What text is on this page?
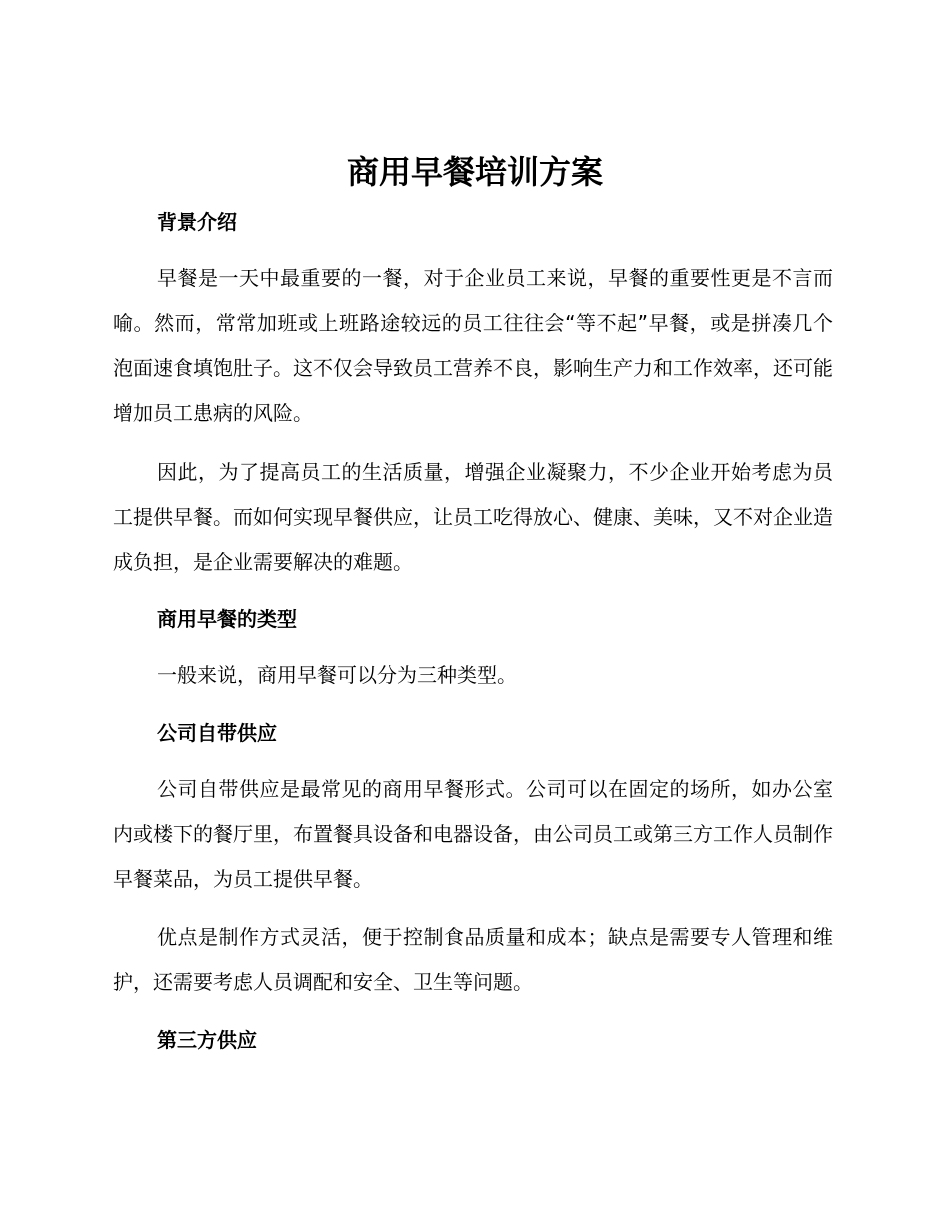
商用早餐培训方案
背景介绍

早餐是一天中最重要的一餐，对于企业员工来说，早餐的重要性更是不言而喻。然而，常常加班或上班路途较远的员工往往会“等不起”早餐，或是拼凑几个泡面速食填饱肚子。这不仅会导致员工营养不良，影响生产力和工作效率，还可能增加员工患病的风险。

因此，为了提高员工的生活质量，增强企业凝聚力，不少企业开始考虑为员工提供早餐。而如何实现早餐供应，让员工吃得放心、健康、美味，又不对企业造成负担，是企业需要解决的难题。

商用早餐的类型

一般来说，商用早餐可以分为三种类型。

公司自带供应

公司自带供应是最常见的商用早餐形式。公司可以在固定的场所，如办公室内或楼下的餐厅里，布置餐具设备和电器设备，由公司员工或第三方工作人员制作早餐菜品，为员工提供早餐。

优点是制作方式灵活，便于控制食品质量和成本；缺点是需要专人管理和维护，还需要考虑人员调配和安全、卫生等问题。

第三方供应
